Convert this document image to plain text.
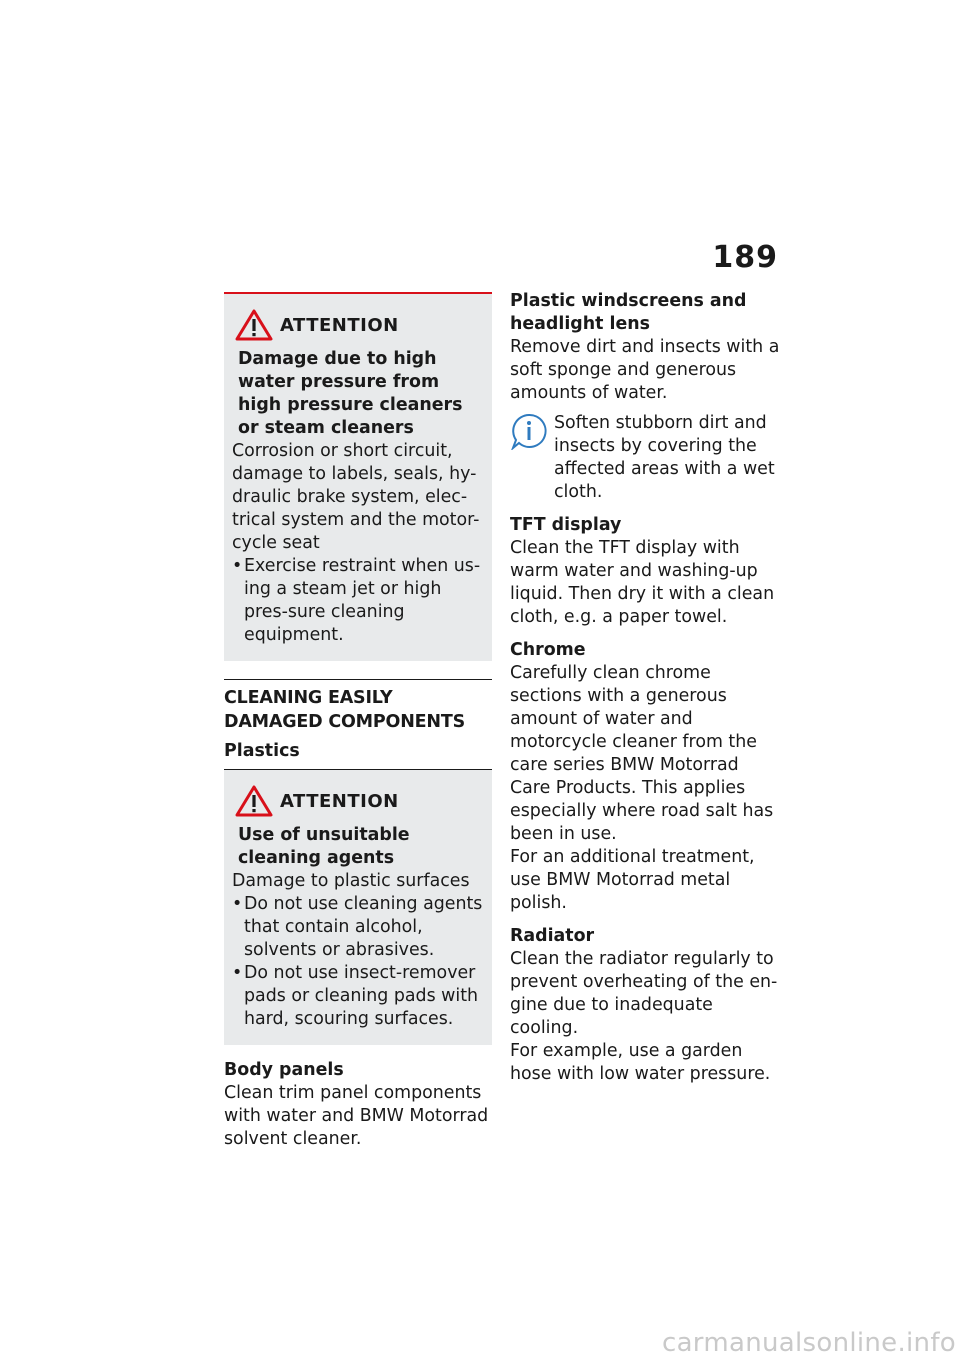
189
ATTENTION
Damage due to high water pressure from high pressure cleaners or steam cleaners
Corrosion or short circuit, damage to labels, seals, hy-draulic brake system, elec-trical system and the motor-cycle seat
• Exercise restraint when us-ing a steam jet or high pres-sure cleaning equipment.
CLEANING EASILY DAMAGED COMPONENTS
Plastics
ATTENTION
Use of unsuitable cleaning agents
Damage to plastic surfaces
• Do not use cleaning agents that contain alcohol, solvents or abrasives.
• Do not use insect-remover pads or cleaning pads with hard, scouring surfaces.
Body panels
Clean trim panel components with water and BMW Motorrad solvent cleaner.
Plastic windscreens and headlight lens
Remove dirt and insects with a soft sponge and generous amounts of water.
Soften stubborn dirt and insects by covering the affected areas with a wet cloth.
TFT display
Clean the TFT display with warm water and washing-up liquid. Then dry it with a clean cloth, e.g. a paper towel.
Chrome
Carefully clean chrome sections with a generous amount of water and motorcycle cleaner from the care series BMW Motorrad Care Products. This applies especially where road salt has been in use.
For an additional treatment, use BMW Motorrad metal polish.
Radiator
Clean the radiator regularly to prevent overheating of the en-gine due to inadequate cooling.
For example, use a garden hose with low water pressure.
carmanualsonline.info
